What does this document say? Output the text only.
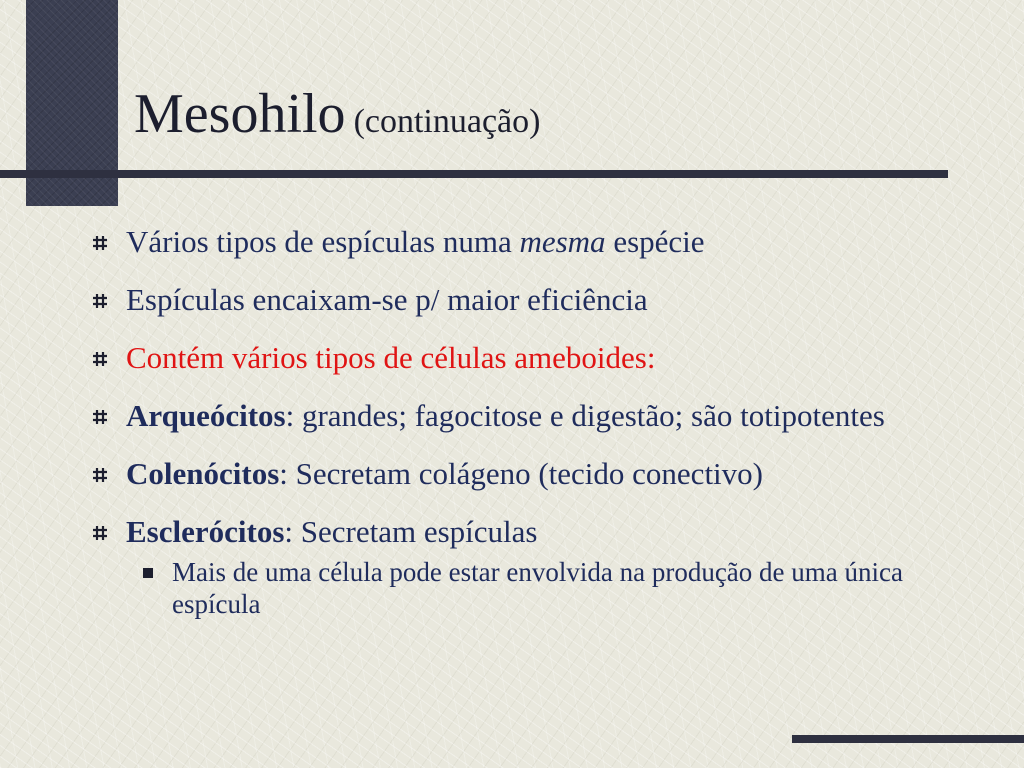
Mesohilo (continuação)
Vários tipos de espículas numa mesma espécie
Espículas encaixam-se p/ maior eficiência
Contém vários tipos de células ameboides:
Arqueócitos: grandes; fagocitose e digestão; são totipotentes
Colenócitos: Secretam colágeno (tecido conectivo)
Esclerócitos: Secretam espículas
Mais de uma célula pode estar envolvida na produção de uma única espícula
